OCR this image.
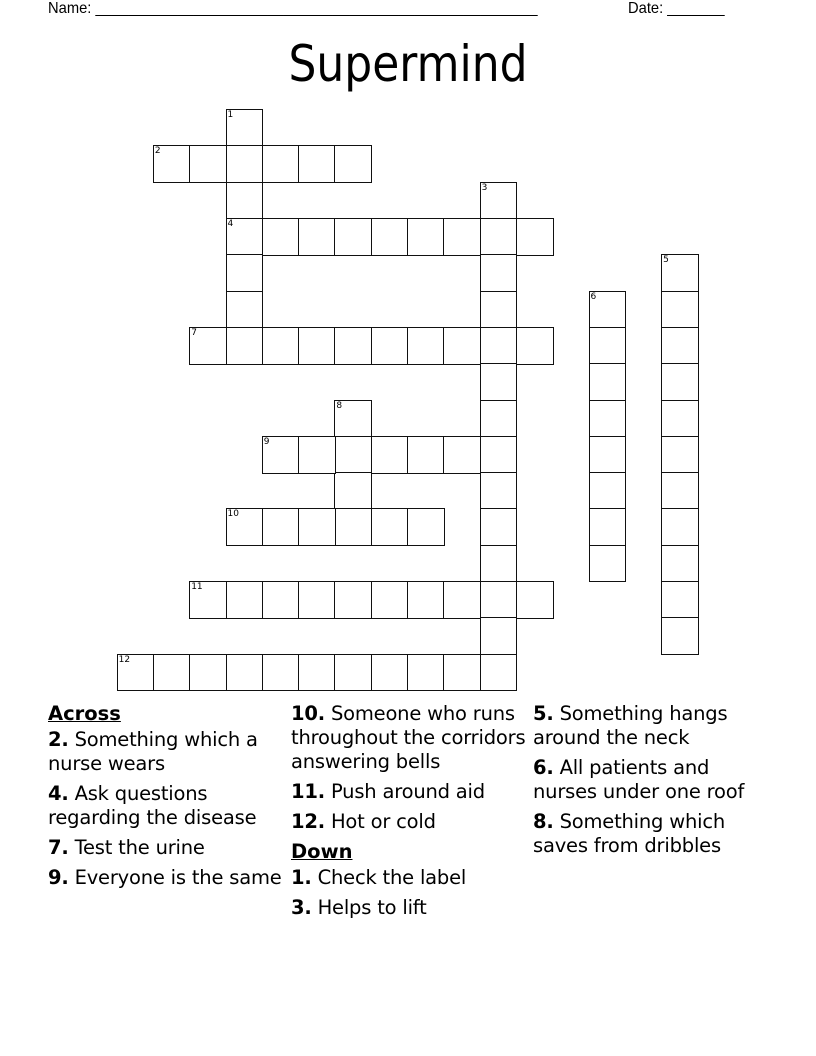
Name: ______________________________________________________	Date: _______
Supermind
1
4
2
3
5
6
7
8
9
10
11
12
Across
2. Something which a nurse wears
4. Ask questions regarding the disease
7. Test the urine
9. Everyone is the same
10. Someone who runs throughout the corridors answering bells
11. Push around aid
12. Hot or cold
Down
1. Check the label
3. Helps to lift
5. Something hangs around the neck
6. All patients and nurses under one roof
8. Something which saves from dribbles
